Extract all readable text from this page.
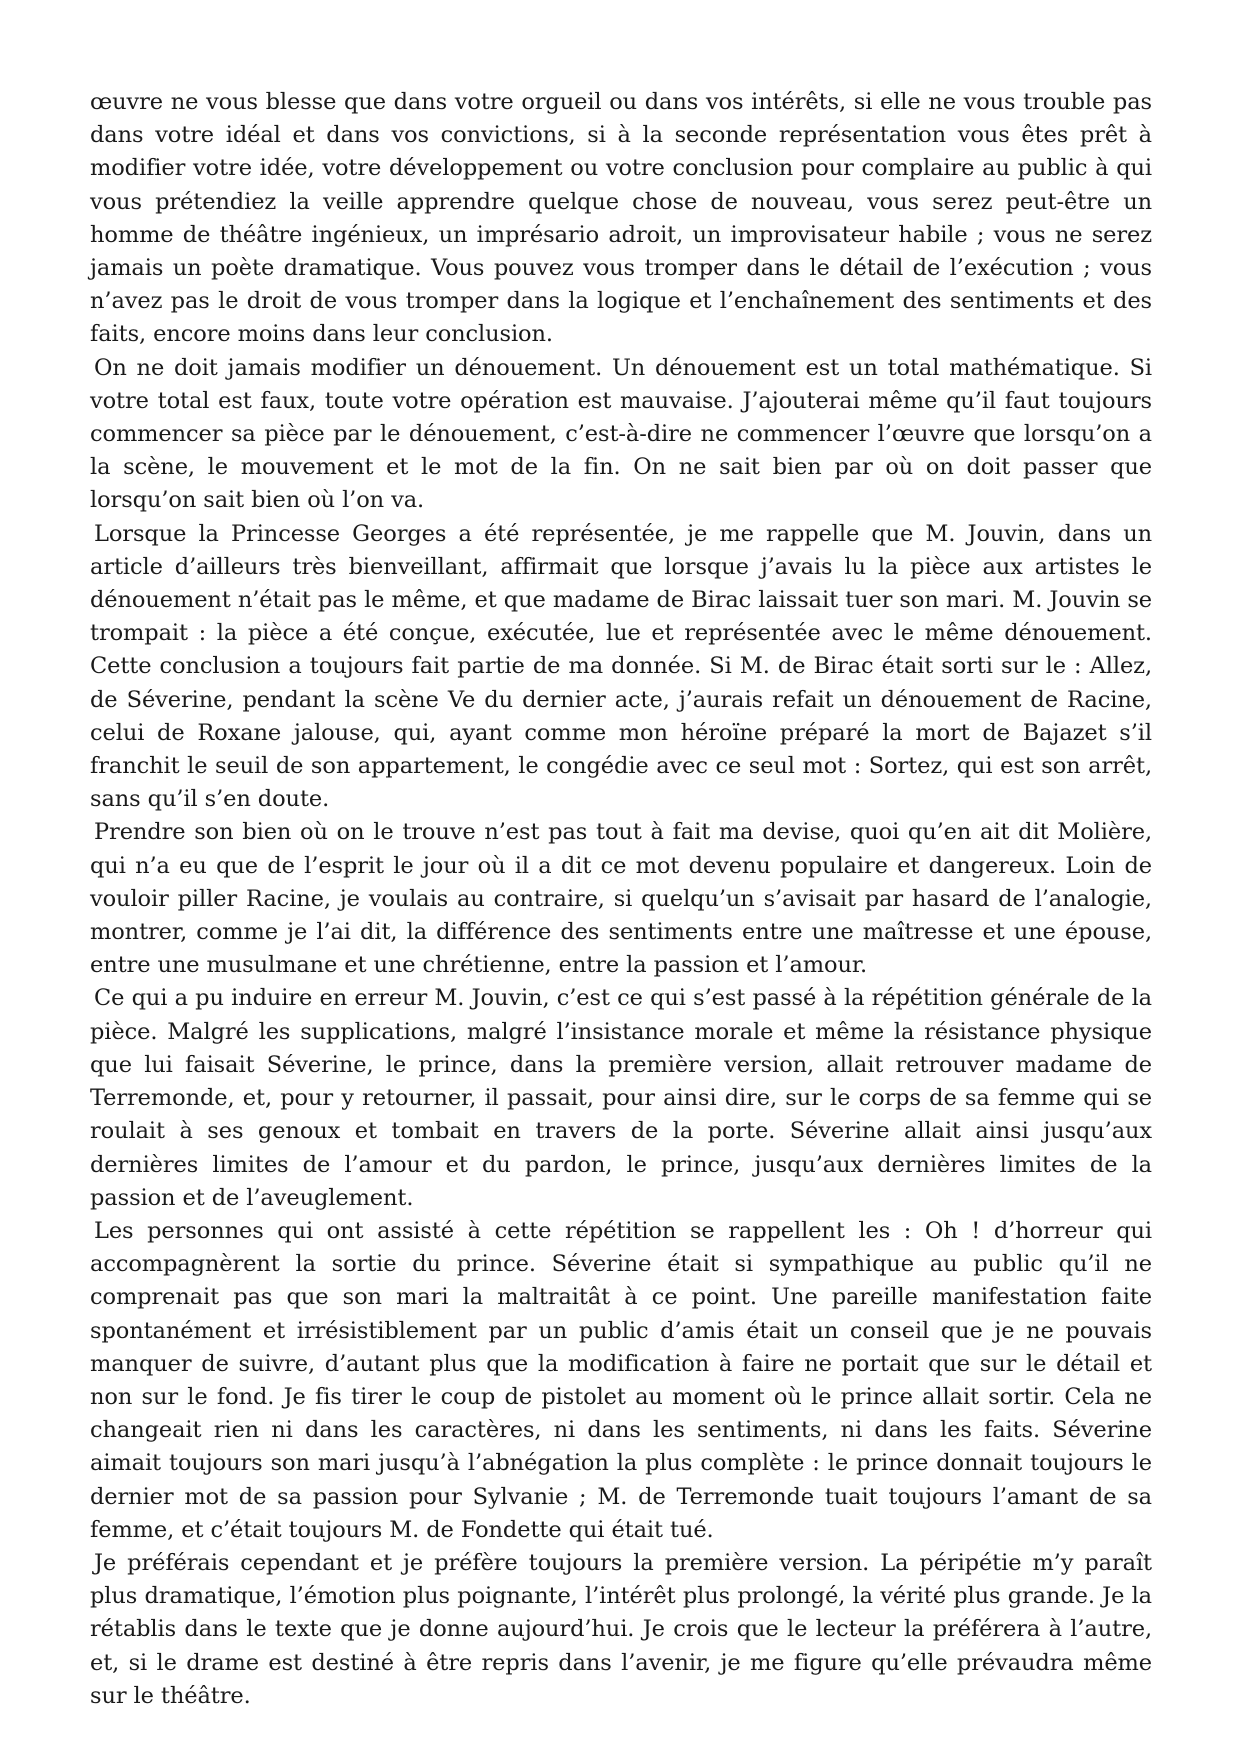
œuvre ne vous blesse que dans votre orgueil ou dans vos intérêts, si elle ne vous trouble pas dans votre idéal et dans vos convictions, si à la seconde représentation vous êtes prêt à modifier votre idée, votre développement ou votre conclusion pour complaire au public à qui vous prétendiez la veille apprendre quelque chose de nouveau, vous serez peut-être un homme de théâtre ingénieux, un imprésario adroit, un improvisateur habile ; vous ne serez jamais un poète dramatique. Vous pouvez vous tromper dans le détail de l’exécution ; vous n’avez pas le droit de vous tromper dans la logique et l’enchaînement des sentiments et des faits, encore moins dans leur conclusion.

On ne doit jamais modifier un dénouement. Un dénouement est un total mathématique. Si votre total est faux, toute votre opération est mauvaise. J’ajouterai même qu’il faut toujours commencer sa pièce par le dénouement, c’est-à-dire ne commencer l’œuvre que lorsqu’on a la scène, le mouvement et le mot de la fin. On ne sait bien par où on doit passer que lorsqu’on sait bien où l’on va.

Lorsque la Princesse Georges a été représentée, je me rappelle que M. Jouvin, dans un article d’ailleurs très bienveillant, affirmait que lorsque j’avais lu la pièce aux artistes le dénouement n’était pas le même, et que madame de Birac laissait tuer son mari. M. Jouvin se trompait : la pièce a été conçue, exécutée, lue et représentée avec le même dénouement. Cette conclusion a toujours fait partie de ma donnée. Si M. de Birac était sorti sur le : Allez, de Séverine, pendant la scène Ve du dernier acte, j’aurais refait un dénouement de Racine, celui de Roxane jalouse, qui, ayant comme mon héroïne préparé la mort de Bajazet s’il franchit le seuil de son appartement, le congédie avec ce seul mot : Sortez, qui est son arrêt, sans qu’il s’en doute.

Prendre son bien où on le trouve n’est pas tout à fait ma devise, quoi qu’en ait dit Molière, qui n’a eu que de l’esprit le jour où il a dit ce mot devenu populaire et dangereux. Loin de vouloir piller Racine, je voulais au contraire, si quelqu’un s’avisait par hasard de l’analogie, montrer, comme je l’ai dit, la différence des sentiments entre une maîtresse et une épouse, entre une musulmane et une chrétienne, entre la passion et l’amour.

Ce qui a pu induire en erreur M. Jouvin, c’est ce qui s’est passé à la répétition générale de la pièce. Malgré les supplications, malgré l’insistance morale et même la résistance physique que lui faisait Séverine, le prince, dans la première version, allait retrouver madame de Terremonde, et, pour y retourner, il passait, pour ainsi dire, sur le corps de sa femme qui se roulait à ses genoux et tombait en travers de la porte. Séverine allait ainsi jusqu’aux dernières limites de l’amour et du pardon, le prince, jusqu’aux dernières limites de la passion et de l’aveuglement.

Les personnes qui ont assisté à cette répétition se rappellent les : Oh ! d’horreur qui accompagnèrent la sortie du prince. Séverine était si sympathique au public qu’il ne comprenait pas que son mari la maltraitât à ce point. Une pareille manifestation faite spontanément et irrésistiblement par un public d’amis était un conseil que je ne pouvais manquer de suivre, d’autant plus que la modification à faire ne portait que sur le détail et non sur le fond. Je fis tirer le coup de pistolet au moment où le prince allait sortir. Cela ne changeait rien ni dans les caractères, ni dans les sentiments, ni dans les faits. Séverine aimait toujours son mari jusqu’à l’abnégation la plus complète : le prince donnait toujours le dernier mot de sa passion pour Sylvanie ; M. de Terremonde tuait toujours l’amant de sa femme, et c’était toujours M. de Fondette qui était tué.

Je préférais cependant et je préfère toujours la première version. La péripétie m’y paraît plus dramatique, l’émotion plus poignante, l’intérêt plus prolongé, la vérité plus grande. Je la rétablis dans le texte que je donne aujourd’hui. Je crois que le lecteur la préférera à l’autre, et, si le drame est destiné à être repris dans l’avenir, je me figure qu’elle prévaudra même sur le théâtre.
